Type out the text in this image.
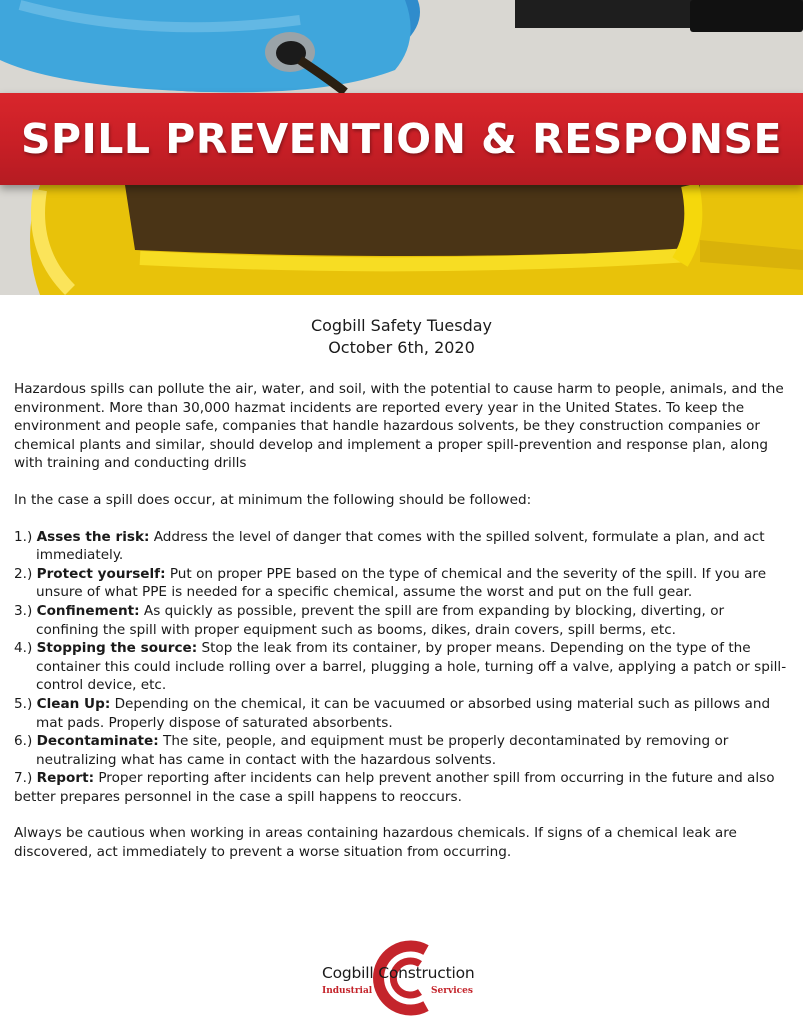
SPILL PREVENTION & RESPONSE
Cogbill Safety Tuesday
October 6th, 2020

Hazardous spills can pollute the air, water, and soil, with the potential to cause harm to people, animals, and the environment. More than 30,000 hazmat incidents are reported every year in the United States. To keep the environment and people safe, companies that handle hazardous solvents, be they construction companies or chemical plants and similar, should develop and implement a proper spill-prevention and response plan, along with training and conducting drills

In the case a spill does occur, at minimum the following should be followed:

1.) Asses the risk: Address the level of danger that comes with the spilled solvent, formulate a plan, and act immediately.

2.) Protect yourself: Put on proper PPE based on the type of chemical and the severity of the spill. If you are unsure of what PPE is needed for a specific chemical, assume the worst and put on the full gear.

3.) Confinement: As quickly as possible, prevent the spill are from expanding by blocking, diverting, or confining the spill with proper equipment such as booms, dikes, drain covers, spill berms, etc.

4.) Stopping the source: Stop the leak from its container, by proper means. Depending on the type of the container this could include rolling over a barrel, plugging a hole, turning off a valve, applying a patch or spill-control device, etc.

5.) Clean Up: Depending on the chemical, it can be vacuumed or absorbed using material such as pillows and mat pads. Properly dispose of saturated absorbents.

6.) Decontaminate: The site, people, and equipment must be properly decontaminated by removing or neutralizing what has came in contact with the hazardous solvents.

7.) Report: Proper reporting after incidents can help prevent another spill from occurring in the future and also better prepares personnel in the case a spill happens to reoccurs.

Always be cautious when working in areas containing hazardous chemicals. If signs of a chemical leak are discovered, act immediately to prevent a worse situation from occurring.

Cogbill Construction
Industrial	Services
